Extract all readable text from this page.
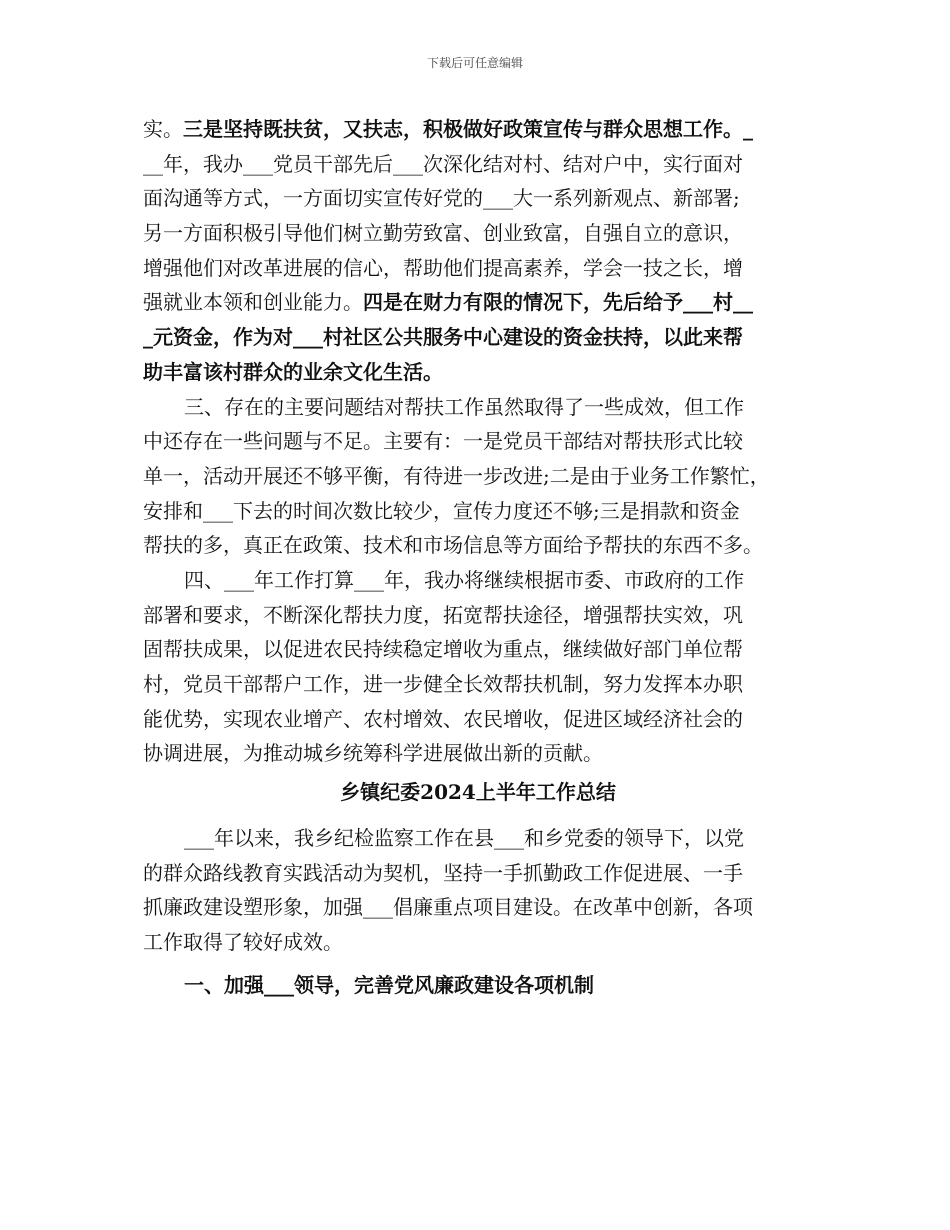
下载后可任意编辑
实。三是坚持既扶贫，又扶志，积极做好政策宣传与群众思想工作。_
__年，我办___党员干部先后___次深化结对村、结对户中，实行面对
面沟通等方式，一方面切实宣传好党的___大一系列新观点、新部署;
另一方面积极引导他们树立勤劳致富、创业致富，自强自立的意识，
增强他们对改革进展的信心，帮助他们提高素养，学会一技之长，增
强就业本领和创业能力。四是在财力有限的情况下，先后给予___村__
_元资金，作为对___村社区公共服务中心建设的资金扶持，以此来帮
助丰富该村群众的业余文化生活。
三、存在的主要问题结对帮扶工作虽然取得了一些成效，但工作
中还存在一些问题与不足。主要有：一是党员干部结对帮扶形式比较
单一，活动开展还不够平衡，有待进一步改进;二是由于业务工作繁忙，
安排和___下去的时间次数比较少，宣传力度还不够;三是捐款和资金
帮扶的多，真正在政策、技术和市场信息等方面给予帮扶的东西不多。
四、___年工作打算___年，我办将继续根据市委、市政府的工作
部署和要求，不断深化帮扶力度，拓宽帮扶途径，增强帮扶实效，巩
固帮扶成果，以促进农民持续稳定增收为重点，继续做好部门单位帮
村，党员干部帮户工作，进一步健全长效帮扶机制，努力发挥本办职
能优势，实现农业增产、农村增效、农民增收，促进区域经济社会的
协调进展，为推动城乡统筹科学进展做出新的贡献。
乡镇纪委2024上半年工作总结
___年以来，我乡纪检监察工作在县___和乡党委的领导下，以党
的群众路线教育实践活动为契机，坚持一手抓勤政工作促进展、一手
抓廉政建设塑形象，加强___倡廉重点项目建设。在改革中创新，各项
工作取得了较好成效。
一、加强___领导，完善党风廉政建设各项机制
